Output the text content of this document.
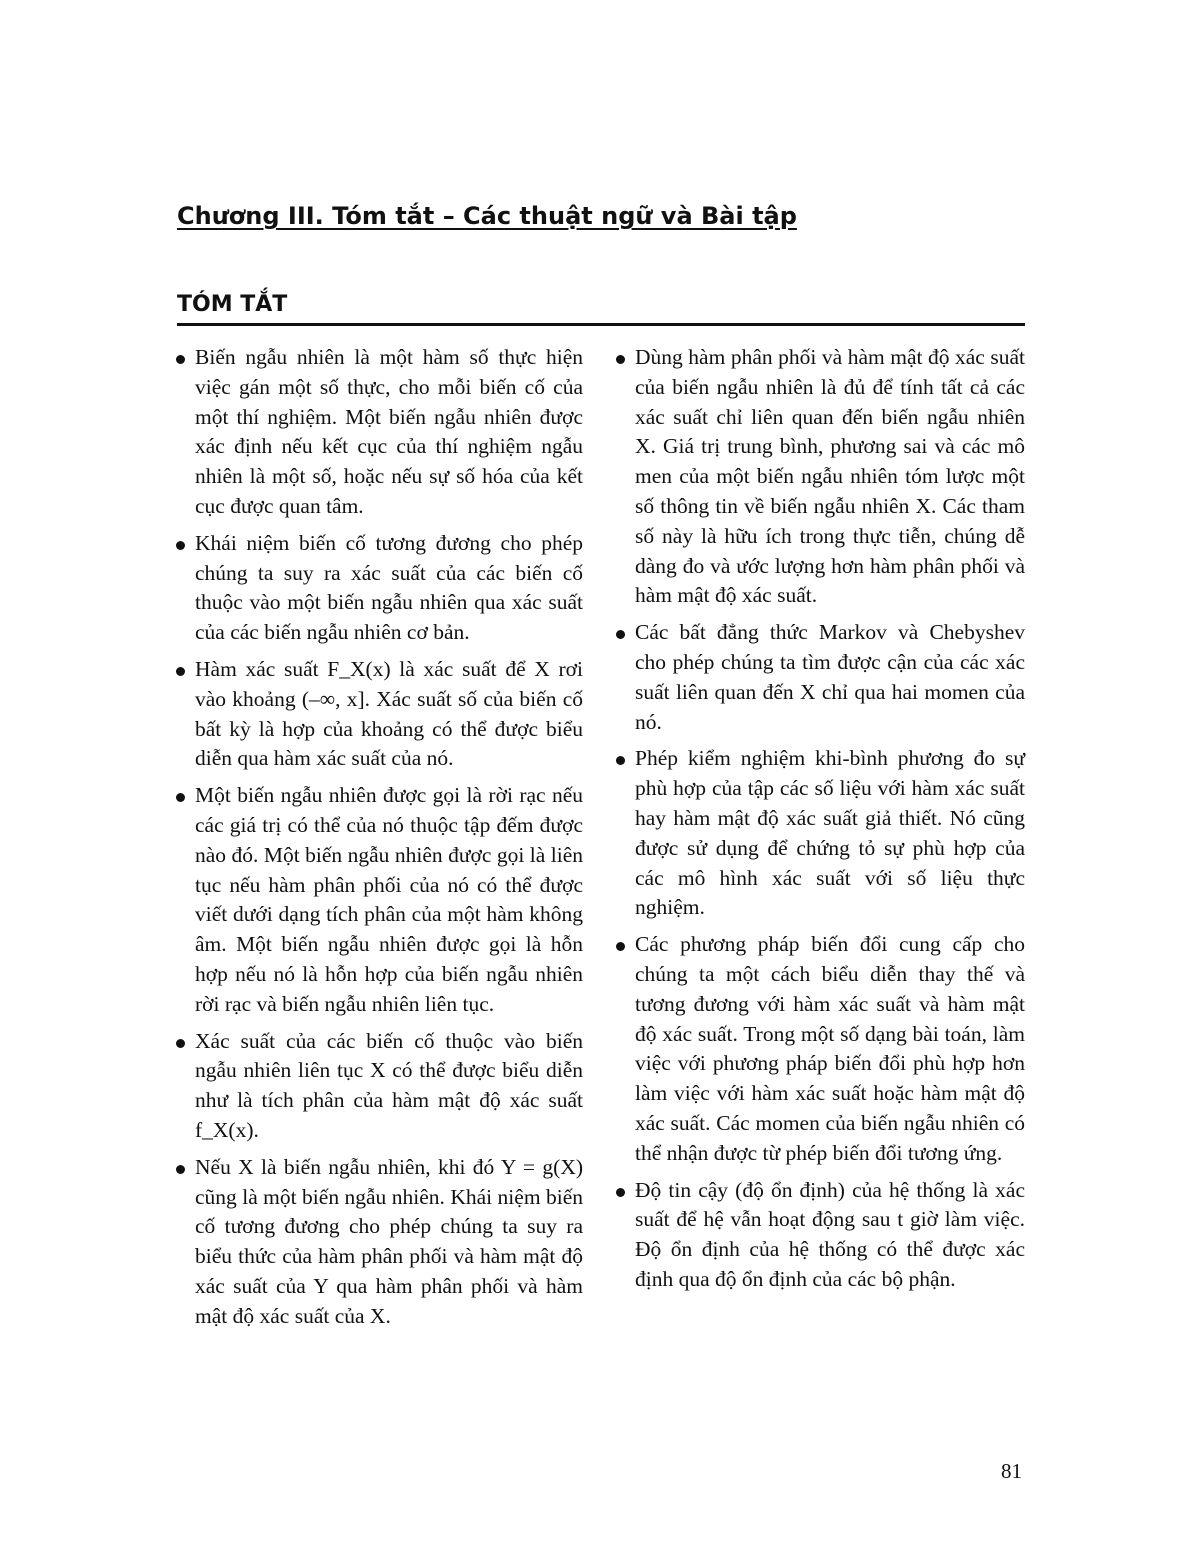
Chương III. Tóm tắt – Các thuật ngữ và Bài tập
TÓM TẮT
Biến ngẫu nhiên là một hàm số thực hiện việc gán một số thực, cho mỗi biến cố của một thí nghiệm. Một biến ngẫu nhiên được xác định nếu kết cục của thí nghiệm ngẫu nhiên là một số, hoặc nếu sự số hóa của kết cục được quan tâm.
Khái niệm biến cố tương đương cho phép chúng ta suy ra xác suất của các biến cố thuộc vào một biến ngẫu nhiên qua xác suất của các biến ngẫu nhiên cơ bản.
Hàm xác suất F_X(x) là xác suất để X rơi vào khoảng (–∞, x]. Xác suất số của biến cố bất kỳ là hợp của khoảng có thể được biểu diễn qua hàm xác suất của nó.
Một biến ngẫu nhiên được gọi là rời rạc nếu các giá trị có thể của nó thuộc tập đếm được nào đó. Một biến ngẫu nhiên được gọi là liên tục nếu hàm phân phối của nó có thể được viết dưới dạng tích phân của một hàm không âm. Một biến ngẫu nhiên được gọi là hỗn hợp nếu nó là hỗn hợp của biến ngẫu nhiên rời rạc và biến ngẫu nhiên liên tục.
Xác suất của các biến cố thuộc vào biến ngẫu nhiên liên tục X có thể được biểu diễn như là tích phân của hàm mật độ xác suất f_X(x).
Nếu X là biến ngẫu nhiên, khi đó Y = g(X) cũng là một biến ngẫu nhiên. Khái niệm biến cố tương đương cho phép chúng ta suy ra biểu thức của hàm phân phối và hàm mật độ xác suất của Y qua hàm phân phối và hàm mật độ xác suất của X.
Dùng hàm phân phối và hàm mật độ xác suất của biến ngẫu nhiên là đủ để tính tất cả các xác suất chỉ liên quan đến biến ngẫu nhiên X. Giá trị trung bình, phương sai và các mô men của một biến ngẫu nhiên tóm lược một số thông tin về biến ngẫu nhiên X. Các tham số này là hữu ích trong thực tiễn, chúng dễ dàng đo và ước lượng hơn hàm phân phối và hàm mật độ xác suất.
Các bất đẳng thức Markov và Chebyshev cho phép chúng ta tìm được cận của các xác suất liên quan đến X chỉ qua hai momen của nó.
Phép kiểm nghiệm khi-bình phương đo sự phù hợp của tập các số liệu với hàm xác suất hay hàm mật độ xác suất giả thiết. Nó cũng được sử dụng để chứng tỏ sự phù hợp của các mô hình xác suất với số liệu thực nghiệm.
Các phương pháp biến đổi cung cấp cho chúng ta một cách biểu diễn thay thế và tương đương với hàm xác suất và hàm mật độ xác suất. Trong một số dạng bài toán, làm việc với phương pháp biến đổi phù hợp hơn làm việc với hàm xác suất hoặc hàm mật độ xác suất. Các momen của biến ngẫu nhiên có thể nhận được từ phép biến đổi tương ứng.
Độ tin cậy (độ ổn định) của hệ thống là xác suất để hệ vẫn hoạt động sau t giờ làm việc. Độ ổn định của hệ thống có thể được xác định qua độ ổn định của các bộ phận.
81
